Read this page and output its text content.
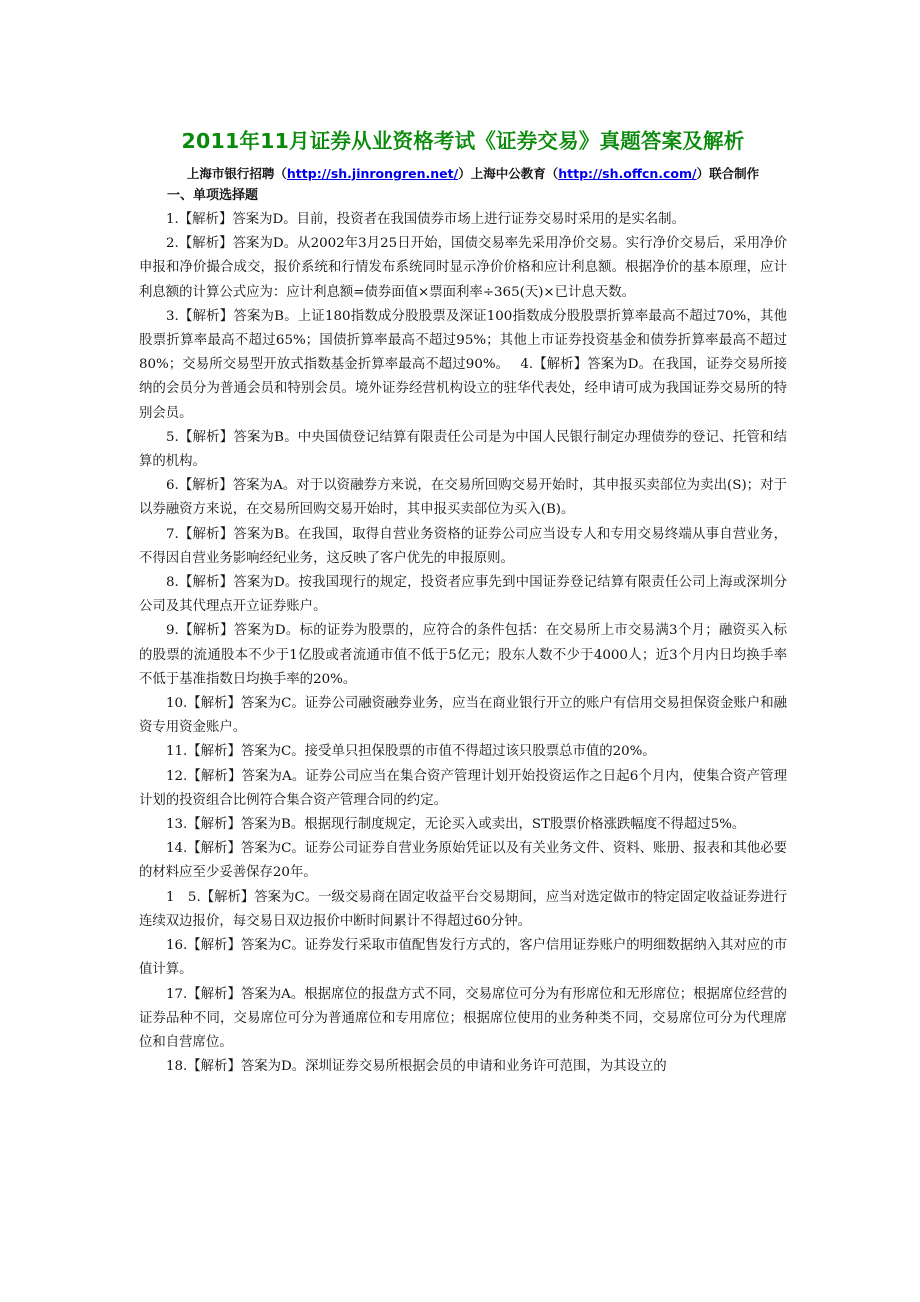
2011年11月证券从业资格考试《证券交易》真题答案及解析
上海市银行招聘（http://sh.jinrongren.net/）上海中公教育（http://sh.offcn.com/）联合制作
一、单项选择题

1.【解析】答案为D。目前，投资者在我国债券市场上进行证券交易时采用的是实名制。

2.【解析】答案为D。从2002年3月25日开始，国债交易率先采用净价交易。实行净价交易后，采用净价申报和净价撮合成交，报价系统和行情发布系统同时显示净价价格和应计利息额。根据净价的基本原理，应计利息额的计算公式应为：应计利息额=债券面值×票面利率÷365(天)×已计息天数。

3.【解析】答案为B。上证180指数成分股股票及深证100指数成分股股票折算率最高不超过70%，其他股票折算率最高不超过65%；国债折算率最高不超过95%；其他上市证券投资基金和债券折算率最高不超过80%；交易所交易型开放式指数基金折算率最高不超过90%。　 4.【解析】答案为D。在我国，证券交易所接纳的会员分为普通会员和特别会员。境外证券经营机构设立的驻华代表处，经申请可成为我国证券交易所的特别会员。

5.【解析】答案为B。中央国债登记结算有限责任公司是为中国人民银行制定办理债券的登记、托管和结算的机构。

6.【解析】答案为A。对于以资融券方来说，在交易所回购交易开始时，其申报买卖部位为卖出(S)；对于以券融资方来说，在交易所回购交易开始时，其申报买卖部位为买入(B)。

7.【解析】答案为B。在我国，取得自营业务资格的证券公司应当设专人和专用交易终端从事自营业务，不得因自营业务影响经纪业务，这反映了客户优先的申报原则。

8.【解析】答案为D。按我国现行的规定，投资者应事先到中国证券登记结算有限责任公司上海或深圳分公司及其代理点开立证券账户。

9.【解析】答案为D。标的证券为股票的，应符合的条件包括：在交易所上市交易满3个月；融资买入标的股票的流通股本不少于1亿股或者流通市值不低于5亿元；股东人数不少于4000人；近3个月内日均换手率不低于基准指数日均换手率的20%。

10.【解析】答案为C。证券公司融资融券业务，应当在商业银行开立的账户有信用交易担保资金账户和融资专用资金账户。

11.【解析】答案为C。接受单只担保股票的市值不得超过该只股票总市值的20%。

12.【解析】答案为A。证券公司应当在集合资产管理计划开始投资运作之日起6个月内，使集合资产管理计划的投资组合比例符合集合资产管理合同的约定。

13.【解析】答案为B。根据现行制度规定，无论买入或卖出，ST股票价格涨跌幅度不得超过5%。

14.【解析】答案为C。证券公司证券自营业务原始凭证以及有关业务文件、资料、账册、报表和其他必要的材料应至少妥善保存20年。

1　5.【解析】答案为C。一级交易商在固定收益平台交易期间，应当对选定做市的特定固定收益证券进行连续双边报价，每交易日双边报价中断时间累计不得超过60分钟。

16.【解析】答案为C。证券发行采取市值配售发行方式的，客户信用证券账户的明细数据纳入其对应的市值计算。

17.【解析】答案为A。根据席位的报盘方式不同，交易席位可分为有形席位和无形席位；根据席位经营的证券品种不同，交易席位可分为普通席位和专用席位；根据席位使用的业务种类不同，交易席位可分为代理席位和自营席位。

18.【解析】答案为D。深圳证券交易所根据会员的申请和业务许可范围，为其设立的
